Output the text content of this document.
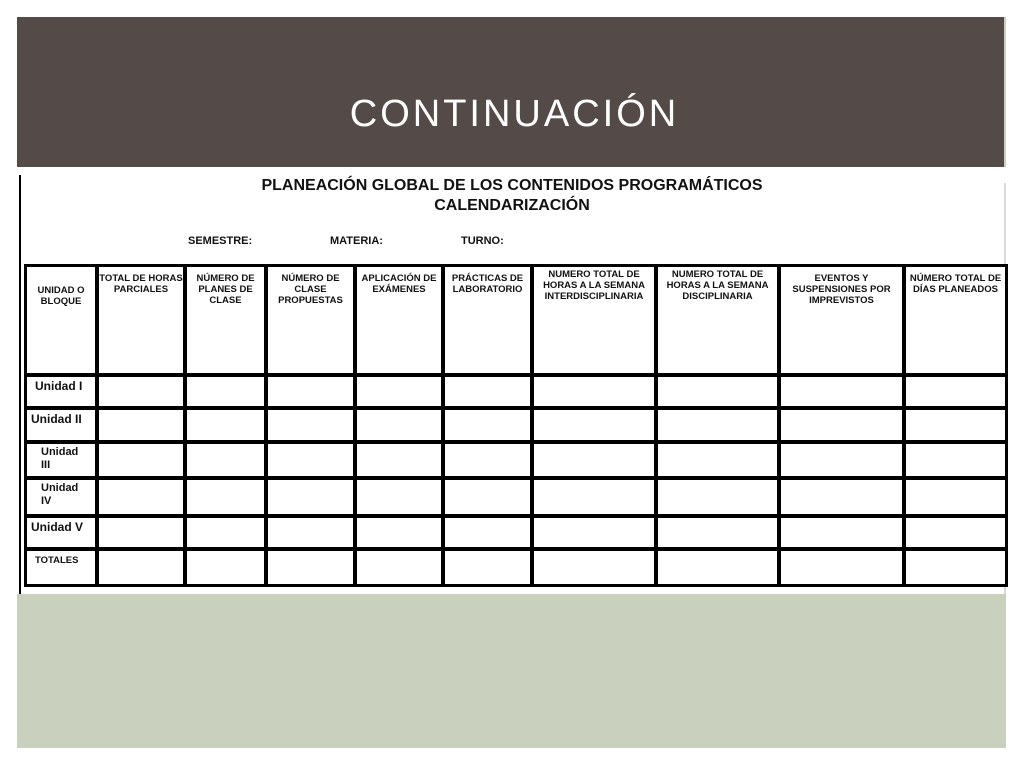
CONTINUACIÓN
PLANEACIÓN GLOBAL DE LOS CONTENIDOS PROGRAMÁTICOS
CALENDARIZACIÓN
SEMESTRE:	MATERIA:	TURNO:
UNIDAD O BLOQUE	TOTAL DE HORAS PARCIALES	NÚMERO DE PLANES DE CLASE	NÚMERO DE CLASE PROPUESTAS	APLICACIÓN DE EXÁMENES	PRÁCTICAS DE LABORATORIO	NUMERO TOTAL DE HORAS A LA SEMANA INTERDISCIPLINARIA	NUMERO TOTAL DE HORAS A LA SEMANA DISCIPLINARIA	EVENTOS Y SUSPENSIONES POR IMPREVISTOS	NÚMERO TOTAL DE DÍAS PLANEADOS
Unidad I									
Unidad II									
Unidad III									
Unidad IV									
Unidad V									
TOTALES									
